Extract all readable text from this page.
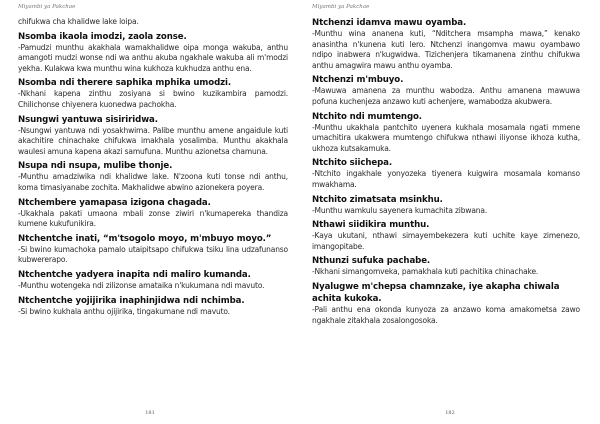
Miyambi ya Pakchae
chifukwa cha khalidwe lake loipa.
Nsomba ikaola imodzi, zaola zonse.
-Pamudzi munthu akakhala wamakhalidwe oipa monga wakuba, anthu amangoti mudzi wonse ndi wa anthu akuba ngakhale wakuba ali m'modzi yekha. Kulakwa kwa munthu wina kukhoza kukhudza anthu ena.
Nsomba ndi therere saphika mphika umodzi.
-Nkhani kapena zinthu zosiyana si bwino kuzikambira pamodzi. Chilichonse chiyenera kuonedwa pachokha.
Nsungwi yantuwa sisiriridwa.
-Nsungwi yantuwa ndi yosakhwima. Palibe munthu amene angaidule kuti akachitire chinachake chifukwa imakhala yosalimba. Munthu akakhala waulesi amuna kapena akazi samufuna. Munthu azionetsa chamuna.
Nsupa ndi nsupa, mulibe thonje.
-Munthu amadziwika ndi khalidwe lake. N'zoona kuti tonse ndi anthu, koma timasiyanabe zochita. Makhalidwe abwino azionekera poyera.
Ntchembere yamapasa izigona chagada.
-Ukakhala pakati umaona mbali zonse ziwiri n'kumapereka thandiza kumene kukufunikira.
Ntchentche inati, “m'tsogolo moyo, m'mbuyo moyo.”
-Si bwino kumachoka pamalo utaipitsapo chifukwa tsiku lina udzafunanso kubwererapo.
Ntchentche yadyera inapita ndi maliro kumanda.
-Munthu wotengeka ndi zilizonse amataika n'kukumana ndi mavuto.
Ntchentche yojijirika inaphinjidwa ndi nchimba.
-Si bwino kukhala anthu ojijirika, tingakumane ndi mavuto.
181
Miyambi ya Pakchae
Ntchenzi idamva mawu oyamba.
-Munthu wina ananena kuti, “Nditchera msampha mawa,” kenako anasintha n'kunena kuti lero. Ntchenzi inangomva mawu oyambawo ndipo inabwera n'kugwidwa. Tizichenjera tikamanena zinthu chifukwa anthu amagwira mawu anthu oyamba.
Ntchenzi m'mbuyo.
-Mawuwa amanena za munthu wabodza. Anthu amanena mawuwa pofuna kuchenjeza anzawo kuti achenjere, wamabodza akubwera.
Ntchito ndi mumtengo.
-Munthu ukakhala pantchito uyenera kukhala mosamala ngati mmene umachitira ukakwera mumtengo chifukwa nthawi iliyonse ikhoza kutha, ukhoza kutsakamuka.
Ntchito siichepa.
-Ntchito ingakhale yonyozeka tiyenera kuigwira mosamala komanso mwakhama.
Ntchito zimatsata msinkhu.
-Munthu wamkulu sayenera kumachita zibwana.
Nthawi siidikira munthu.
-Kaya ukutani, nthawi simayembekezera kuti uchite kaye zimenezo, imangopitabe.
Nthunzi sufuka pachabe.
-Nkhani simangomveka, pamakhala kuti pachitika chinachake.
Nyalugwe m'chepsa chamnzake, iye akapha chiwala achita kukoka.
-Pali anthu ena okonda kunyoza za anzawo koma amakometsa zawo ngakhale zitakhala zosalongosoka.
182
